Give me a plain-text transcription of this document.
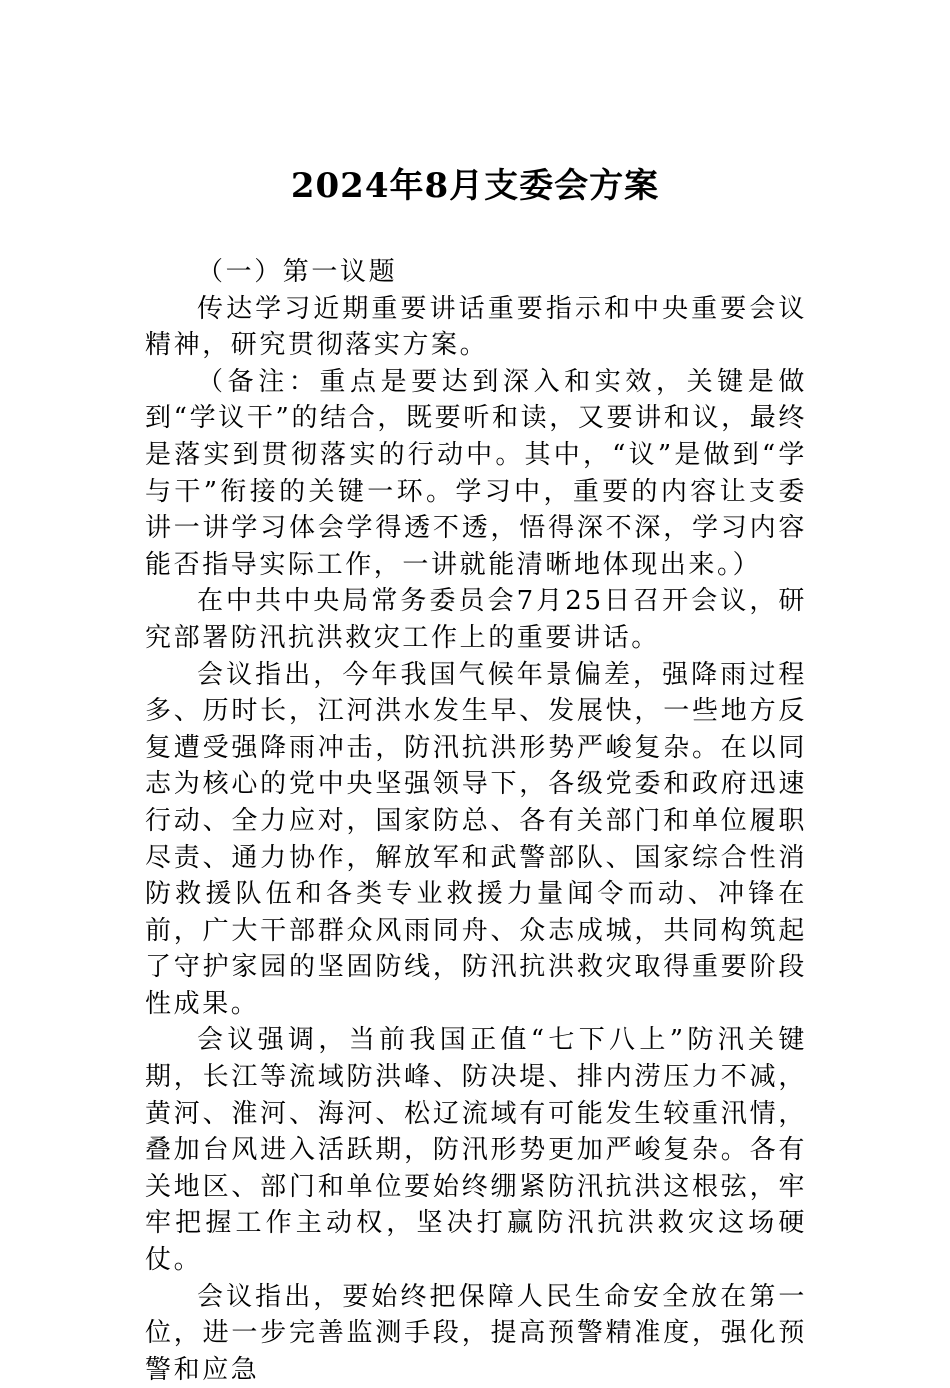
2024年8月支委会方案

（一）第一议题

传达学习近期重要讲话重要指示和中央重要会议精神，研究贯彻落实方案。

（备注：重点是要达到深入和实效，关键是做到“学议干”的结合，既要听和读，又要讲和议，最终是落实到贯彻落实的行动中。其中，“议”是做到“学与干”衔接的关键一环。学习中，重要的内容让支委讲一讲学习体会学得透不透，悟得深不深，学习内容能否指导实际工作，一讲就能清晰地体现出来。）

在中共中央局常务委员会7月25日召开会议，研究部署防汛抗洪救灾工作上的重要讲话。

会议指出，今年我国气候年景偏差，强降雨过程多、历时长，江河洪水发生早、发展快，一些地方反复遭受强降雨冲击，防汛抗洪形势严峻复杂。在以同志为核心的党中央坚强领导下，各级党委和政府迅速行动、全力应对，国家防总、各有关部门和单位履职尽责、通力协作，解放军和武警部队、国家综合性消防救援队伍和各类专业救援力量闻令而动、冲锋在前，广大干部群众风雨同舟、众志成城，共同构筑起了守护家园的坚固防线，防汛抗洪救灾取得重要阶段性成果。

会议强调，当前我国正值“七下八上”防汛关键期，长江等流域防洪峰、防决堤、排内涝压力不减，黄河、淮河、海河、松辽流域有可能发生较重汛情，叠加台风进入活跃期，防汛形势更加严峻复杂。各有关地区、部门和单位要始终绷紧防汛抗洪这根弦，牢牢把握工作主动权，坚决打赢防汛抗洪救灾这场硬仗。

会议指出，要始终把保障人民生命安全放在第一位，进一步完善监测手段，提高预警精准度，强化预警和应急
